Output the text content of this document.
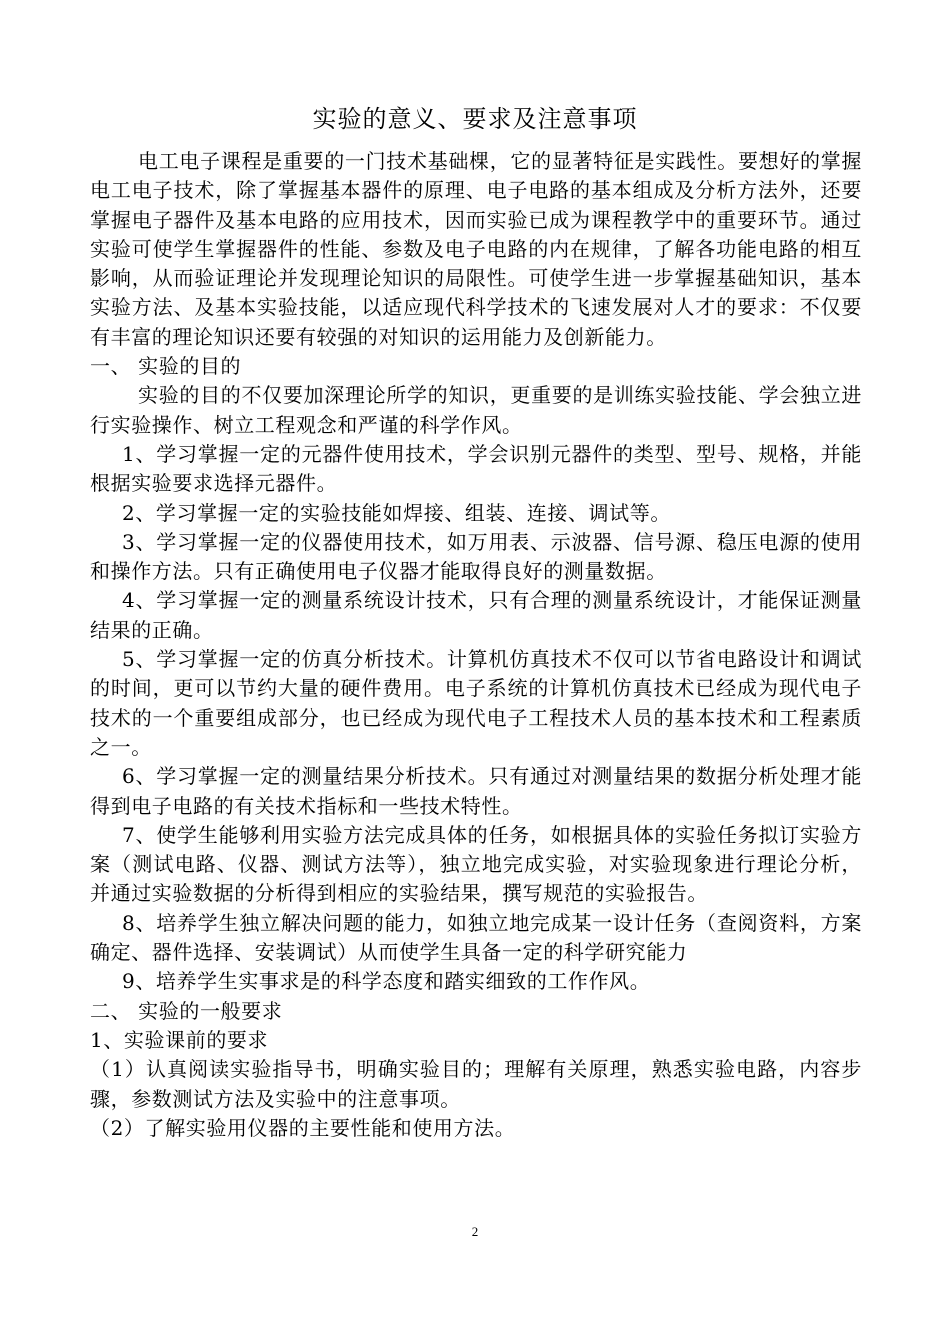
实验的意义、要求及注意事项

电工电子课程是重要的一门技术基础棵，它的显著特征是实践性。要想好的掌握电工电子技术，除了掌握基本器件的原理、电子电路的基本组成及分析方法外，还要掌握电子器件及基本电路的应用技术，因而实验已成为课程教学中的重要环节。通过实验可使学生掌握器件的性能、参数及电子电路的内在规律，了解各功能电路的相互影响，从而验证理论并发现理论知识的局限性。可使学生进一步掌握基础知识，基本实验方法、及基本实验技能，以适应现代科学技术的飞速发展对人才的要求：不仅要有丰富的理论知识还要有较强的对知识的运用能力及创新能力。

一、 实验的目的

实验的目的不仅要加深理论所学的知识，更重要的是训练实验技能、学会独立进行实验操作、树立工程观念和严谨的科学作风。

1、学习掌握一定的元器件使用技术，学会识别元器件的类型、型号、规格，并能根据实验要求选择元器件。

2、学习掌握一定的实验技能如焊接、组装、连接、调试等。

3、学习掌握一定的仪器使用技术，如万用表、示波器、信号源、稳压电源的使用和操作方法。只有正确使用电子仪器才能取得良好的测量数据。

4、学习掌握一定的测量系统设计技术，只有合理的测量系统设计，才能保证测量结果的正确。

5、学习掌握一定的仿真分析技术。计算机仿真技术不仅可以节省电路设计和调试的时间，更可以节约大量的硬件费用。电子系统的计算机仿真技术已经成为现代电子技术的一个重要组成部分，也已经成为现代电子工程技术人员的基本技术和工程素质之一。

6、学习掌握一定的测量结果分析技术。只有通过对测量结果的数据分析处理才能得到电子电路的有关技术指标和一些技术特性。

7、使学生能够利用实验方法完成具体的任务，如根据具体的实验任务拟订实验方案（测试电路、仪器、测试方法等），独立地完成实验，对实验现象进行理论分析，并通过实验数据的分析得到相应的实验结果，撰写规范的实验报告。

8、培养学生独立解决问题的能力，如独立地完成某一设计任务（查阅资料，方案确定、器件选择、安装调试）从而使学生具备一定的科学研究能力

9、培养学生实事求是的科学态度和踏实细致的工作作风。

二、 实验的一般要求

1、实验课前的要求

（1）认真阅读实验指导书，明确实验目的；理解有关原理，熟悉实验电路，内容步骤，参数测试方法及实验中的注意事项。

（2）了解实验用仪器的主要性能和使用方法。

2
